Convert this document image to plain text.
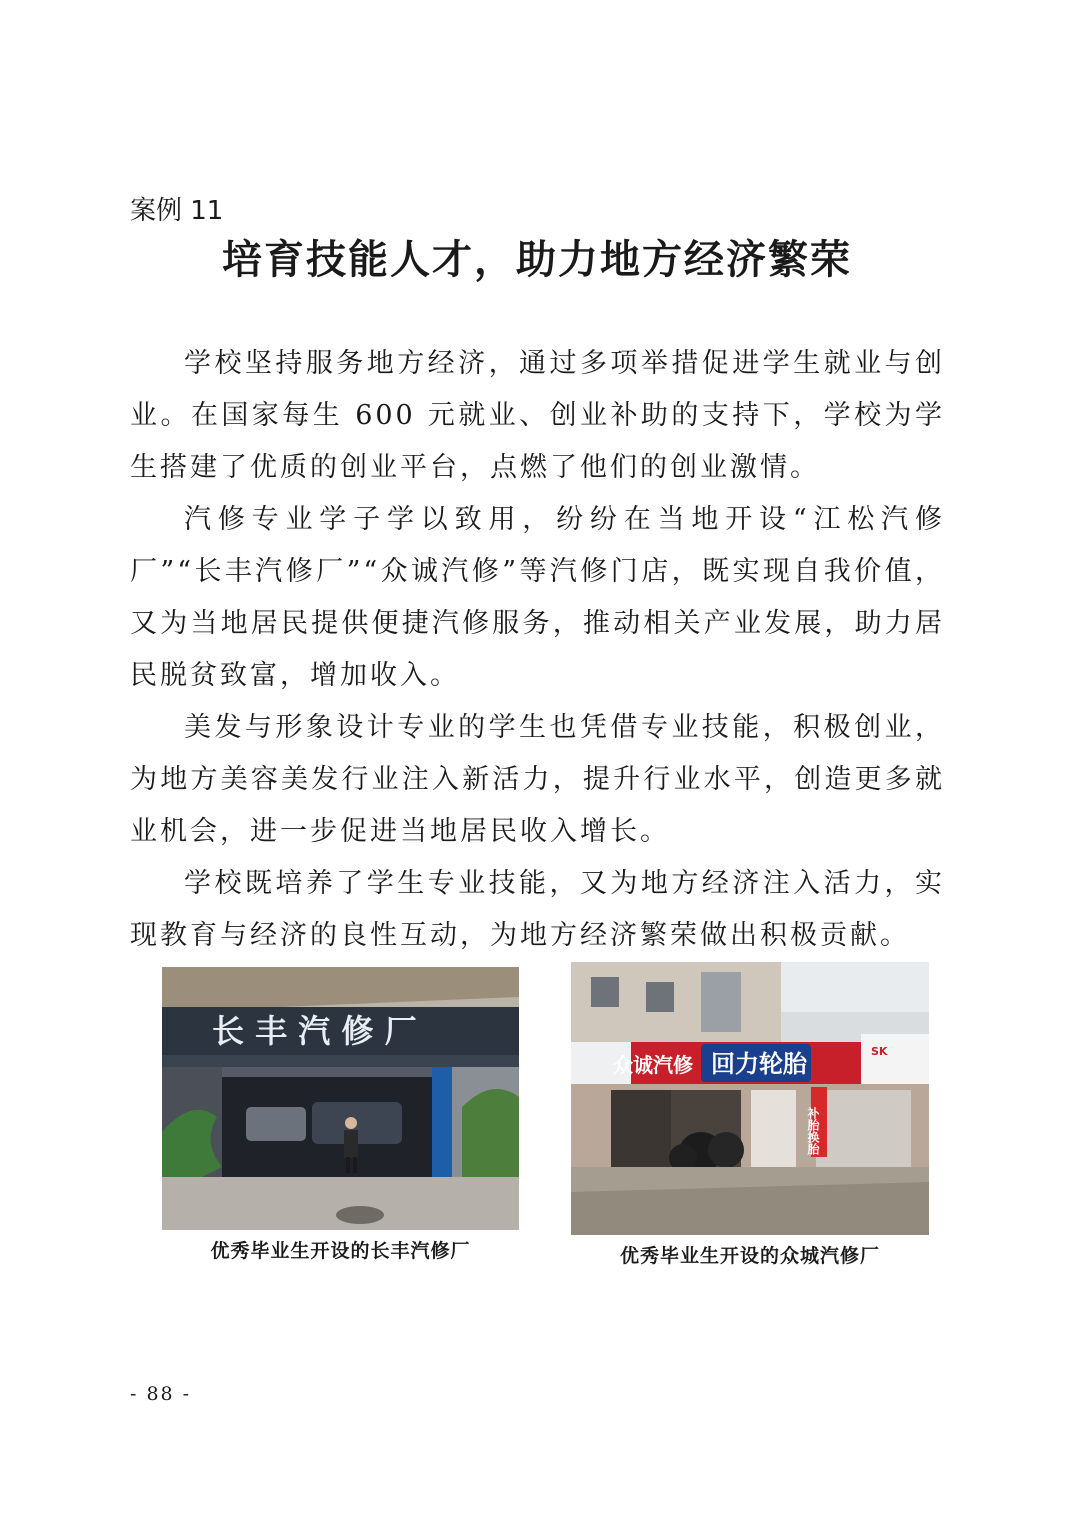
案例 11
培育技能人才，助力地方经济繁荣

学校坚持服务地方经济，通过多项举措促进学生就业与创业。在国家每生 600 元就业、创业补助的支持下，学校为学生搭建了优质的创业平台，点燃了他们的创业激情。

汽修专业学子学以致用，纷纷在当地开设“江松汽修厂”“长丰汽修厂”“众诚汽修”等汽修门店，既实现自我价值，又为当地居民提供便捷汽修服务，推动相关产业发展，助力居民脱贫致富，增加收入。

美发与形象设计专业的学生也凭借专业技能，积极创业，为地方美容美发行业注入新活力，提升行业水平，创造更多就业机会，进一步促进当地居民收入增长。

学校既培养了学生专业技能，又为地方经济注入活力，实现教育与经济的良性互动，为地方经济繁荣做出积极贡献。

长 丰 汽 修 厂
优秀毕业生开设的长丰汽修厂
众诚汽修 回力轮胎	SK
补胎换胎
优秀毕业生开设的众城汽修厂
- 88 -
